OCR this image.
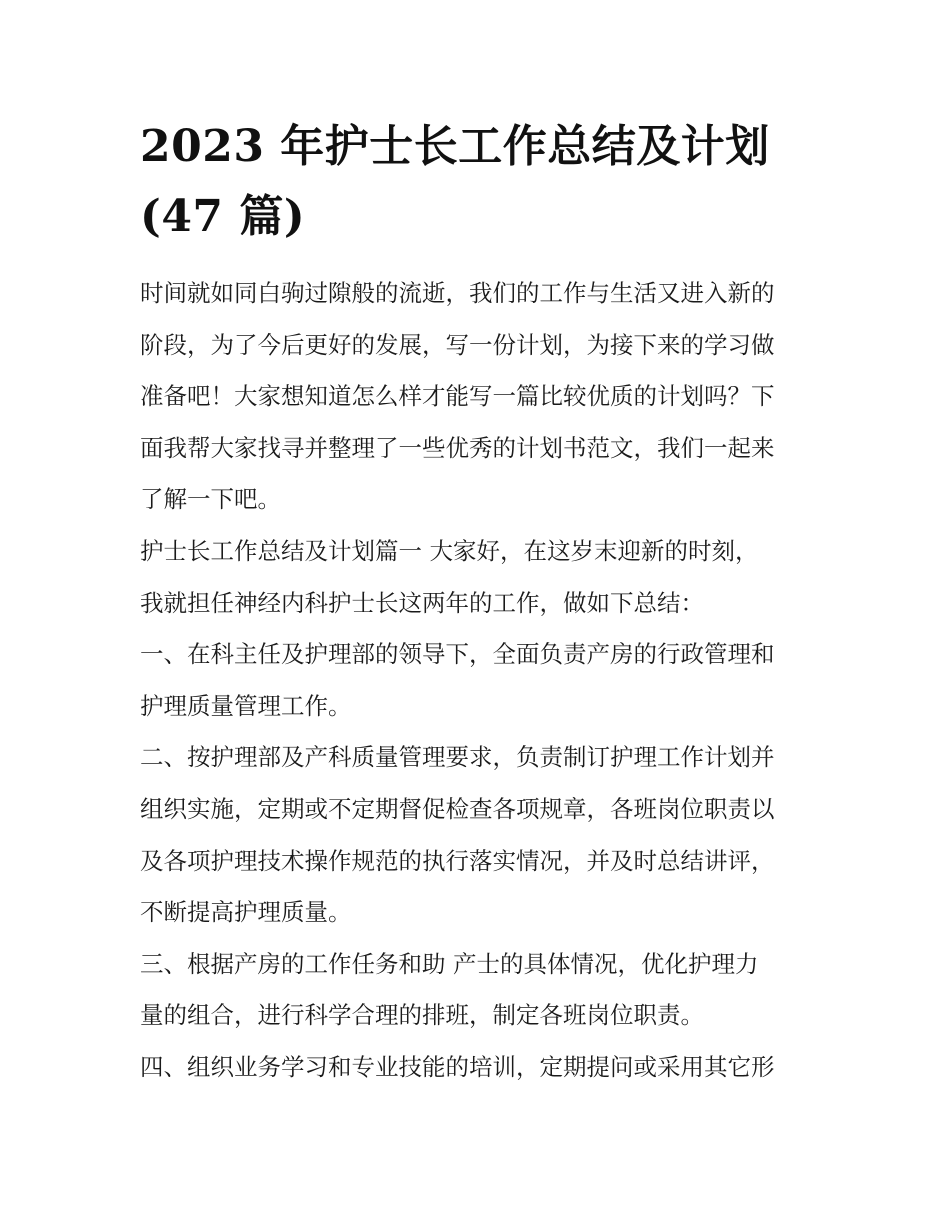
2023 年护士长工作总结及计划
(47 篇)
时间就如同白驹过隙般的流逝，我们的工作与生活又进入新的
阶段，为了今后更好的发展，写一份计划，为接下来的学习做
准备吧！大家想知道怎么样才能写一篇比较优质的计划吗？下
面我帮大家找寻并整理了一些优秀的计划书范文，我们一起来
了解一下吧。
护士长工作总结及计划篇一 大家好，在这岁末迎新的时刻，
我就担任神经内科护士长这两年的工作，做如下总结：
一、在科主任及护理部的领导下，全面负责产房的行政管理和
护理质量管理工作。
二、按护理部及产科质量管理要求，负责制订护理工作计划并
组织实施，定期或不定期督促检查各项规章，各班岗位职责以
及各项护理技术操作规范的执行落实情况，并及时总结讲评，
不断提高护理质量。
三、根据产房的工作任务和助 产士的具体情况，优化护理力
量的组合，进行科学合理的排班，制定各班岗位职责。
四、组织业务学习和专业技能的培训，定期提问或采用其它形
